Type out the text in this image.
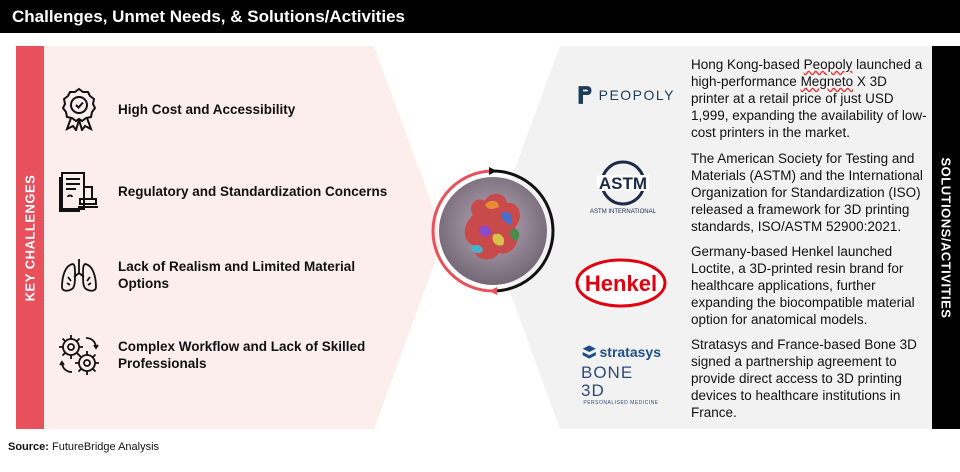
Challenges, Unmet Needs, & Solutions/Activities
KEY CHALLENGES	SOLUTIONS/ACTIVITIES
High Cost and Accessibility
Regulatory and Standardization Concerns
Lack of Realism and Limited Material Options
Complex Workflow and Lack of Skilled Professionals
PEOPOLY
ASTM
ASTM INTERNATIONAL
Henkel
stratasys
BONE 3D
PERSONALISED MEDICINE
Hong Kong-based Peopoly launched a high-performance Megneto X 3D printer at a retail price of just USD 1,999, expanding the availability of low-cost printers in the market.
The American Society for Testing and Materials (ASTM) and the International Organization for Standardization (ISO) released a framework for 3D printing standards, ISO/ASTM 52900:2021.
Germany-based Henkel launched Loctite, a 3D-printed resin brand for healthcare applications, further expanding the biocompatible material option for anatomical models.
Stratasys and France-based Bone 3D signed a partnership agreement to provide direct access to 3D printing devices to healthcare institutions in France.
Source: FutureBridge Analysis
